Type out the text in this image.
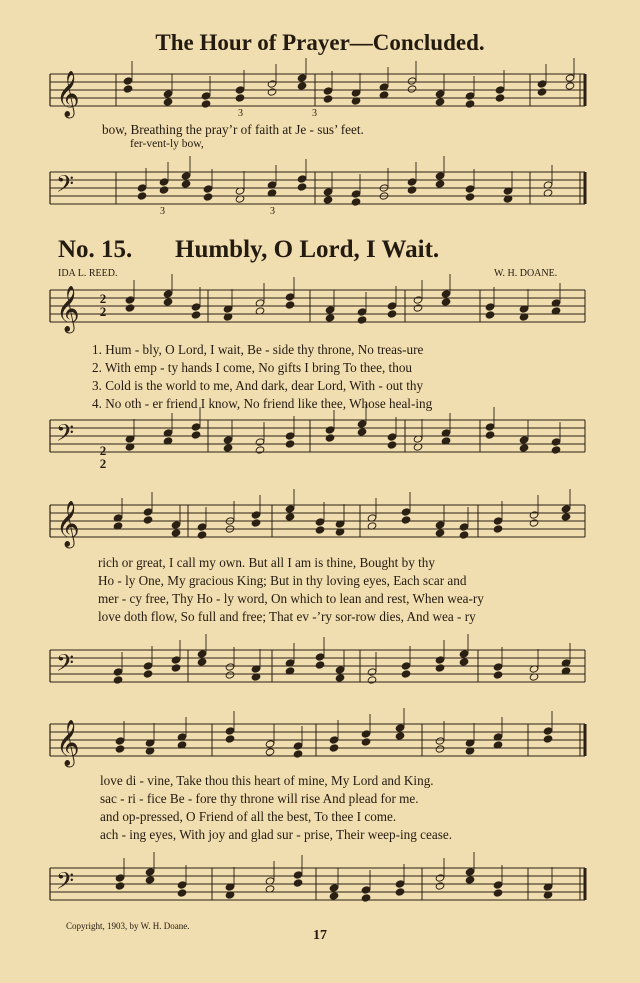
The Hour of Prayer—Concluded.
𝄞
𝄢
𝄞
𝄢
𝄞
𝄢
𝄞
𝄢
bow, Breathing the pray’r of faith at Je - sus’ feet.
fer-vent-ly bow,
No. 15. Humbly, O Lord, I Wait.
IDA L. REED.	W. H. DOANE.
1. Hum - bly, O Lord, I wait, Be - side thy throne, No treas-ure
2. With emp - ty hands I come, No gifts I bring To thee, thou
3. Cold is the world to me, And dark, dear Lord, With - out thy
4. No oth - er friend I know, No friend like thee, Whose heal-ing
rich or great, I call my own. But all I am is thine, Bought by thy
Ho - ly One, My gracious King; But in thy loving eyes, Each scar and
mer - cy free, Thy Ho - ly word, On which to lean and rest, When wea-ry
love doth flow, So full and free; That ev -’ry sor-row dies, And wea - ry
love di - vine, Take thou this heart of mine, My Lord and King.
sac - ri - fice Be - fore thy throne will rise And plead for me.
and op-pressed, O Friend of all the best, To thee I come.
ach - ing eyes, With joy and glad sur - prise, Their weep-ing cease.
3	3
3	3
2 2
2 2
Copyright, 1903, by W. H. Doane.
17
